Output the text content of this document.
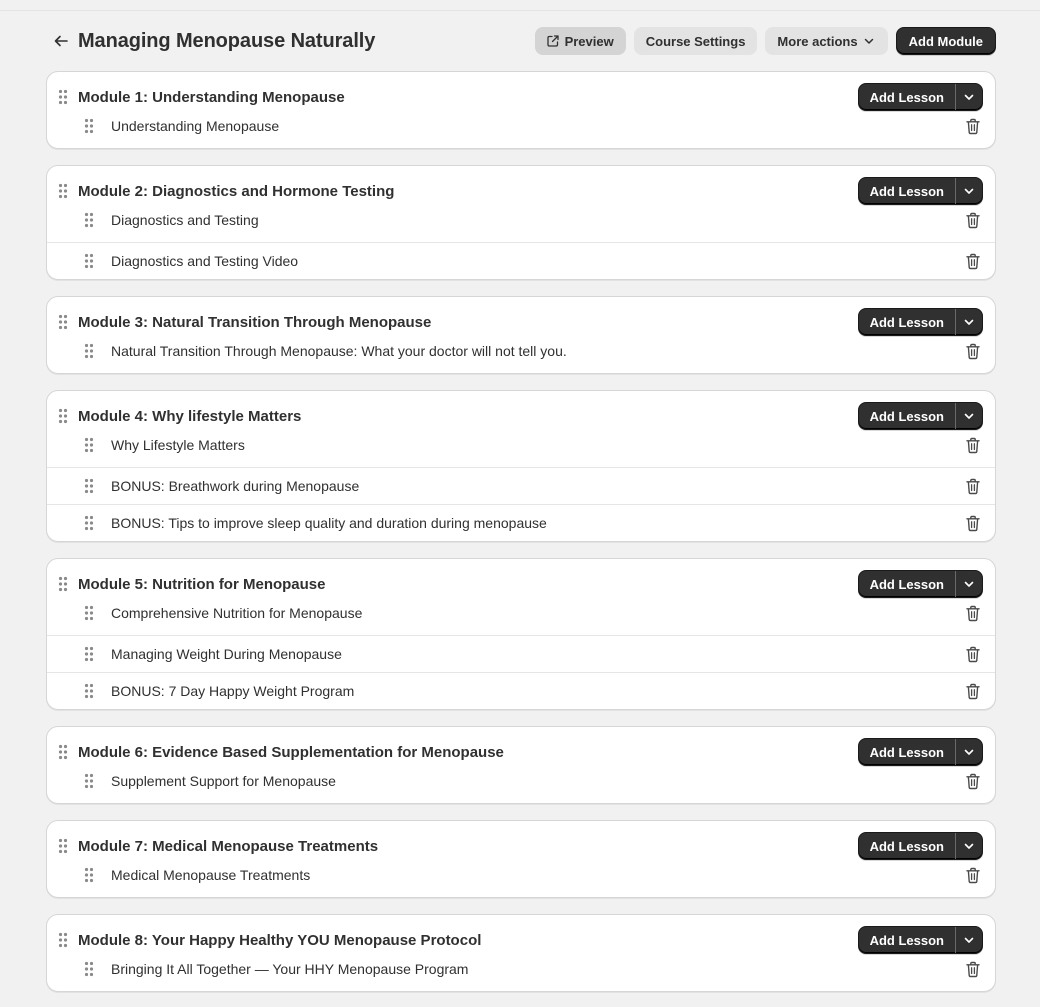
Managing Menopause Naturally	Preview Course Settings More actions	Add Module
Module 1: Understanding Menopause	Add Lesson
Understanding Menopause
Module 2: Diagnostics and Hormone Testing	Add Lesson
Diagnostics and Testing
Diagnostics and Testing Video
Module 3: Natural Transition Through Menopause	Add Lesson
Natural Transition Through Menopause: What your doctor will not tell you.
Module 4: Why lifestyle Matters	Add Lesson
Why Lifestyle Matters
BONUS: Breathwork during Menopause
BONUS: Tips to improve sleep quality and duration during menopause
Module 5: Nutrition for Menopause	Add Lesson
Comprehensive Nutrition for Menopause
Managing Weight During Menopause
BONUS: 7 Day Happy Weight Program
Module 6: Evidence Based Supplementation for Menopause	Add Lesson
Supplement Support for Menopause
Module 7: Medical Menopause Treatments	Add Lesson
Medical Menopause Treatments
Module 8: Your Happy Healthy YOU Menopause Protocol	Add Lesson
Bringing It All Together — Your HHY Menopause Program
